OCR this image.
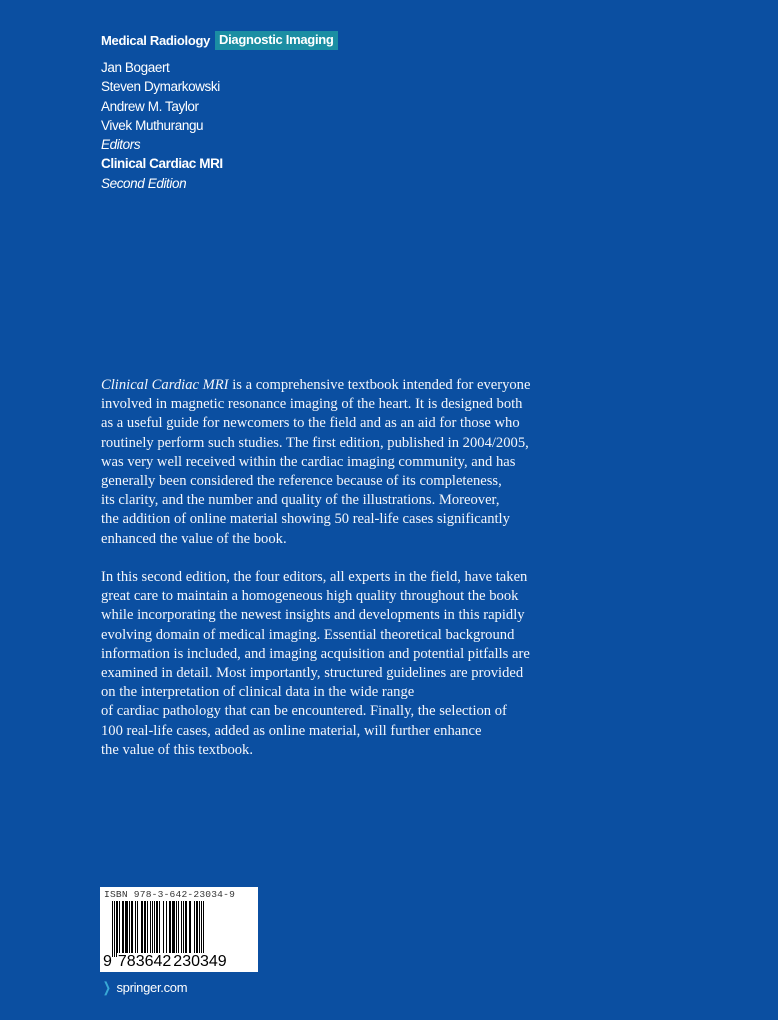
Medical Radiology Diagnostic Imaging
Jan Bogaert
Steven Dymarkowski
Andrew M. Taylor
Vivek Muthurangu
Editors
Clinical Cardiac MRI
Second Edition
Clinical Cardiac MRI is a comprehensive textbook intended for everyone
involved in magnetic resonance imaging of the heart. It is designed both
as a useful guide for newcomers to the field and as an aid for those who
routinely perform such studies. The first edition, published in 2004/2005,
was very well received within the cardiac imaging community, and has
generally been considered the reference because of its completeness,
its clarity, and the number and quality of the illustrations. Moreover,
the addition of online material showing 50 real-life cases significantly
enhanced the value of the book.
In this second edition, the four editors, all experts in the field, have taken
great care to maintain a homogeneous high quality throughout the book
while incorporating the newest insights and developments in this rapidly
evolving domain of medical imaging. Essential theoretical background
information is included, and imaging acquisition and potential pitfalls are
examined in detail. Most importantly, structured guidelines are provided
on the interpretation of clinical data in the wide range
of cardiac pathology that can be encountered. Finally, the selection of
100 real-life cases, added as online material, will further enhance
the value of this textbook.
ISBN 978-3-642-23034-9
9 783642 230349
❯ springer.com
